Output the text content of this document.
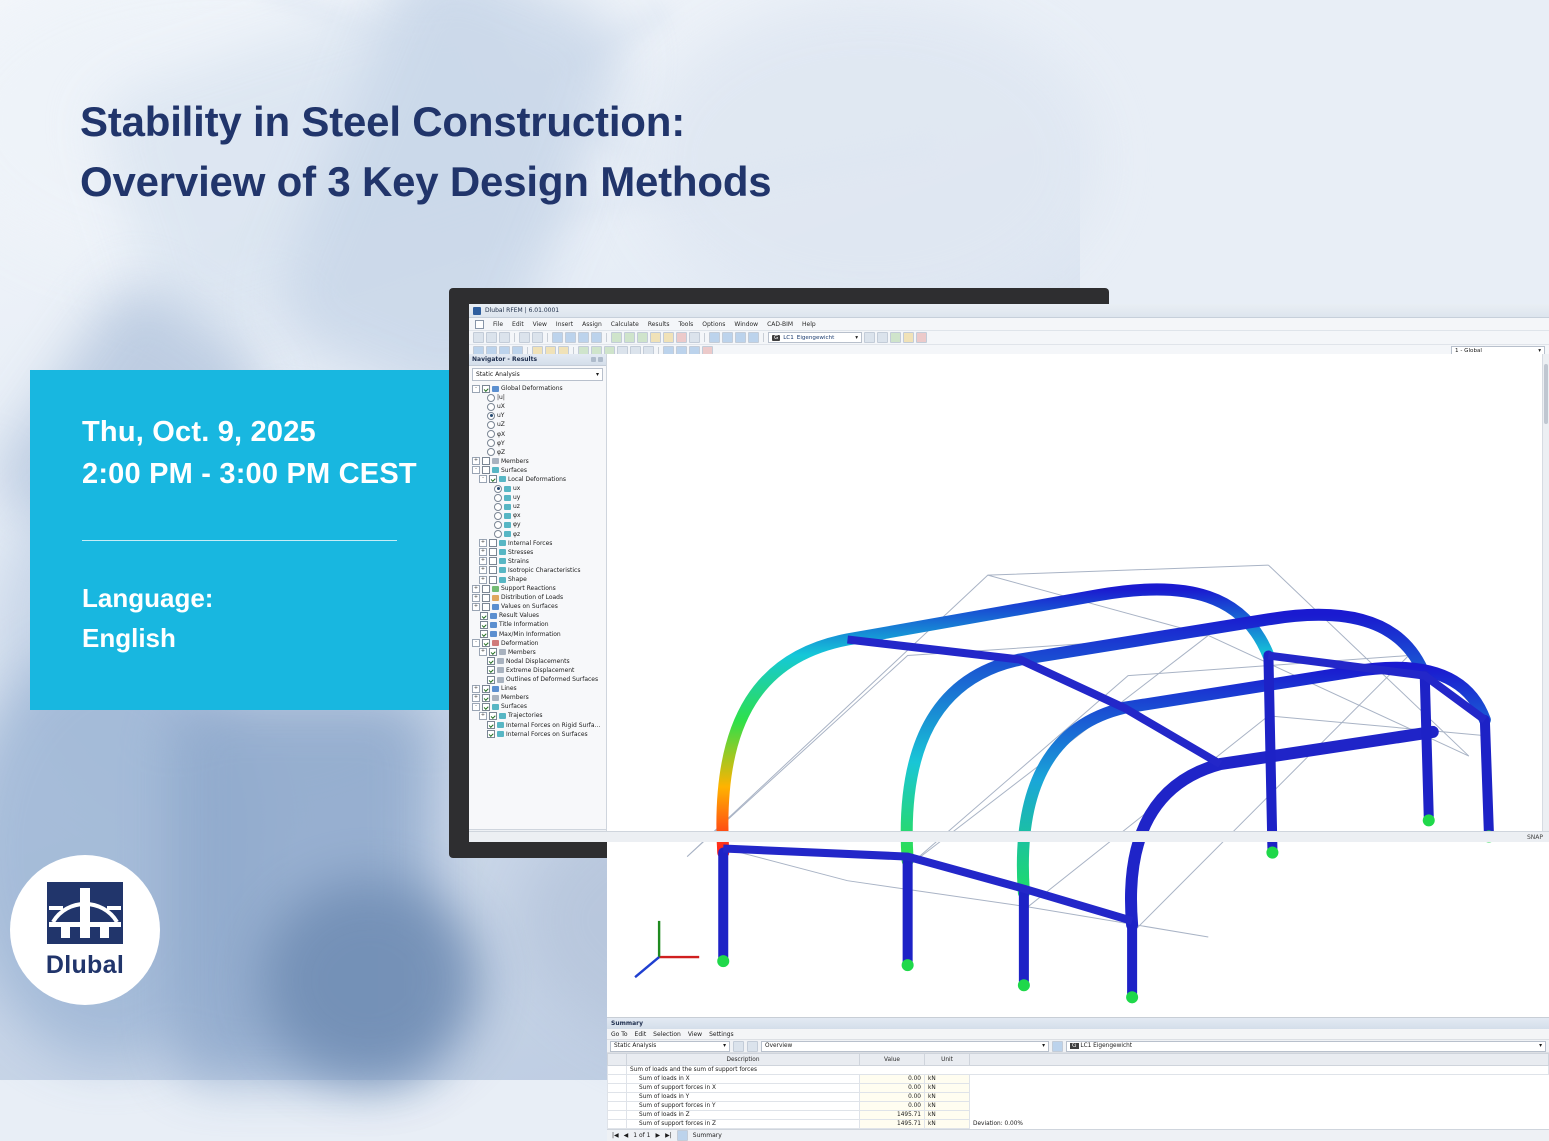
Stability in Steel Construction:
Overview of 3 Key Design Methods
Thu, Oct. 9, 2025
2:00 PM - 3:00 PM CEST
Language:
English
Dlubal
Dlubal RFEM | 6.01.0001
File Edit View Insert Assign Calculate Results Tools Options Window CAD-BIM Help
G LC1 Eigengewicht	▾
1 - Global	▾
Navigator - Results
Static Analysis	▾
-	Global Deformations
|u|
uX
uY
uZ
φX
φY
φZ
+	Members
-	Surfaces
-	Local Deformations
ux
uy
uz
φx
φy
φz
+	Internal Forces
+	Stresses
+	Strains
+	Isotropic Characteristics
+	Shape
+	Support Reactions
+	Distribution of Loads
+	Values on Surfaces
Result Values
Title Information
Max/Min Information
-	Deformation
+	Members
Nodal Displacements
Extreme Displacement
Outlines of Deformed Surfaces
+	Lines
+	Members
-	Surfaces
+	Trajectories
Internal Forces on Rigid Surfa...
Internal Forces on Surfaces
Summary
Go To Edit Selection View Settings
Static Analysis	▾	Overview	▾	G LC1 Eigengewicht	▾
	Description	Value	Unit	
	Sum of loads and the sum of support forces			
	Sum of loads in X	0.00	kN	
	Sum of support forces in X	0.00	kN	
	Sum of loads in Y	0.00	kN	
	Sum of support forces in Y	0.00	kN	
	Sum of loads in Z	1495.71	kN	
	Sum of support forces in Z	1495.71	kN	Deviation: 0.00%
|◀ ◀ 1 of 1 ▶ ▶|	Summary
SNAP
